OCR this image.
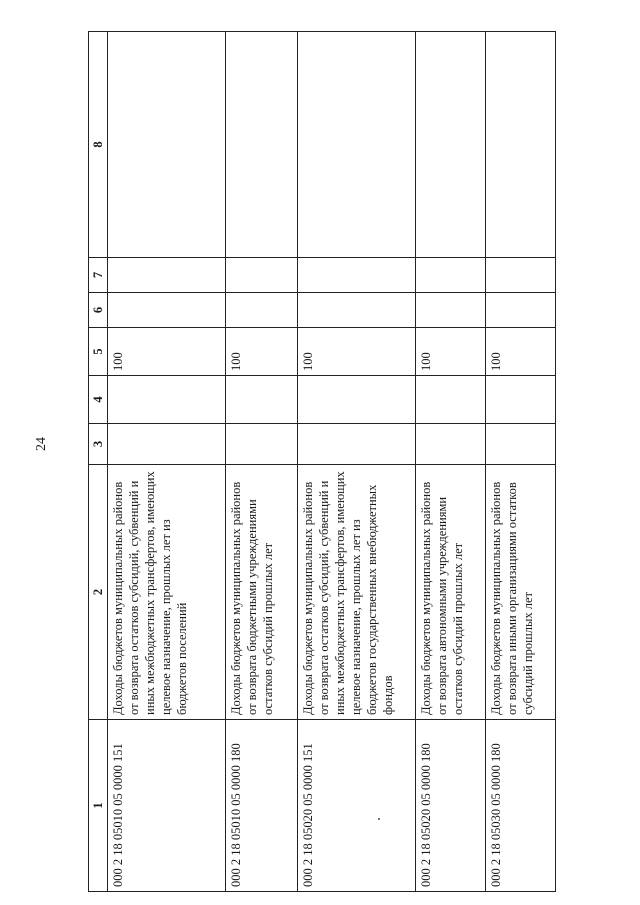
24
1	2	3	4	5	6	7	8
000 2 18 05010 05 0000 151	Доходы бюджетов муниципальных районов от возврата остатков субсидий, субвенций и иных межбюджетных трансфертов, имеющих целевое назначение, прошлых лет из бюджетов поселений			100			
000 2 18 05010 05 0000 180	Доходы бюджетов муниципальных районов от возврата бюджетными учреждениями остатков субсидий прошлых лет			100			
000 2 18 05020 05 0000 151	Доходы бюджетов муниципальных районов от возврата остатков субсидий, субвенций и иных межбюджетных трансфертов, имеющих целевое назначение, прошлых лет из бюджетов государственных внебюджетных фондов			100			
000 2 18 05020 05 0000 180	Доходы бюджетов муниципальных районов от возврата автономными учреждениями остатков субсидий прошлых лет			100			
000 2 18 05030 05 0000 180	Доходы бюджетов муниципальных районов от возврата иными организациями остатков субсидий прошлых лет			100			
